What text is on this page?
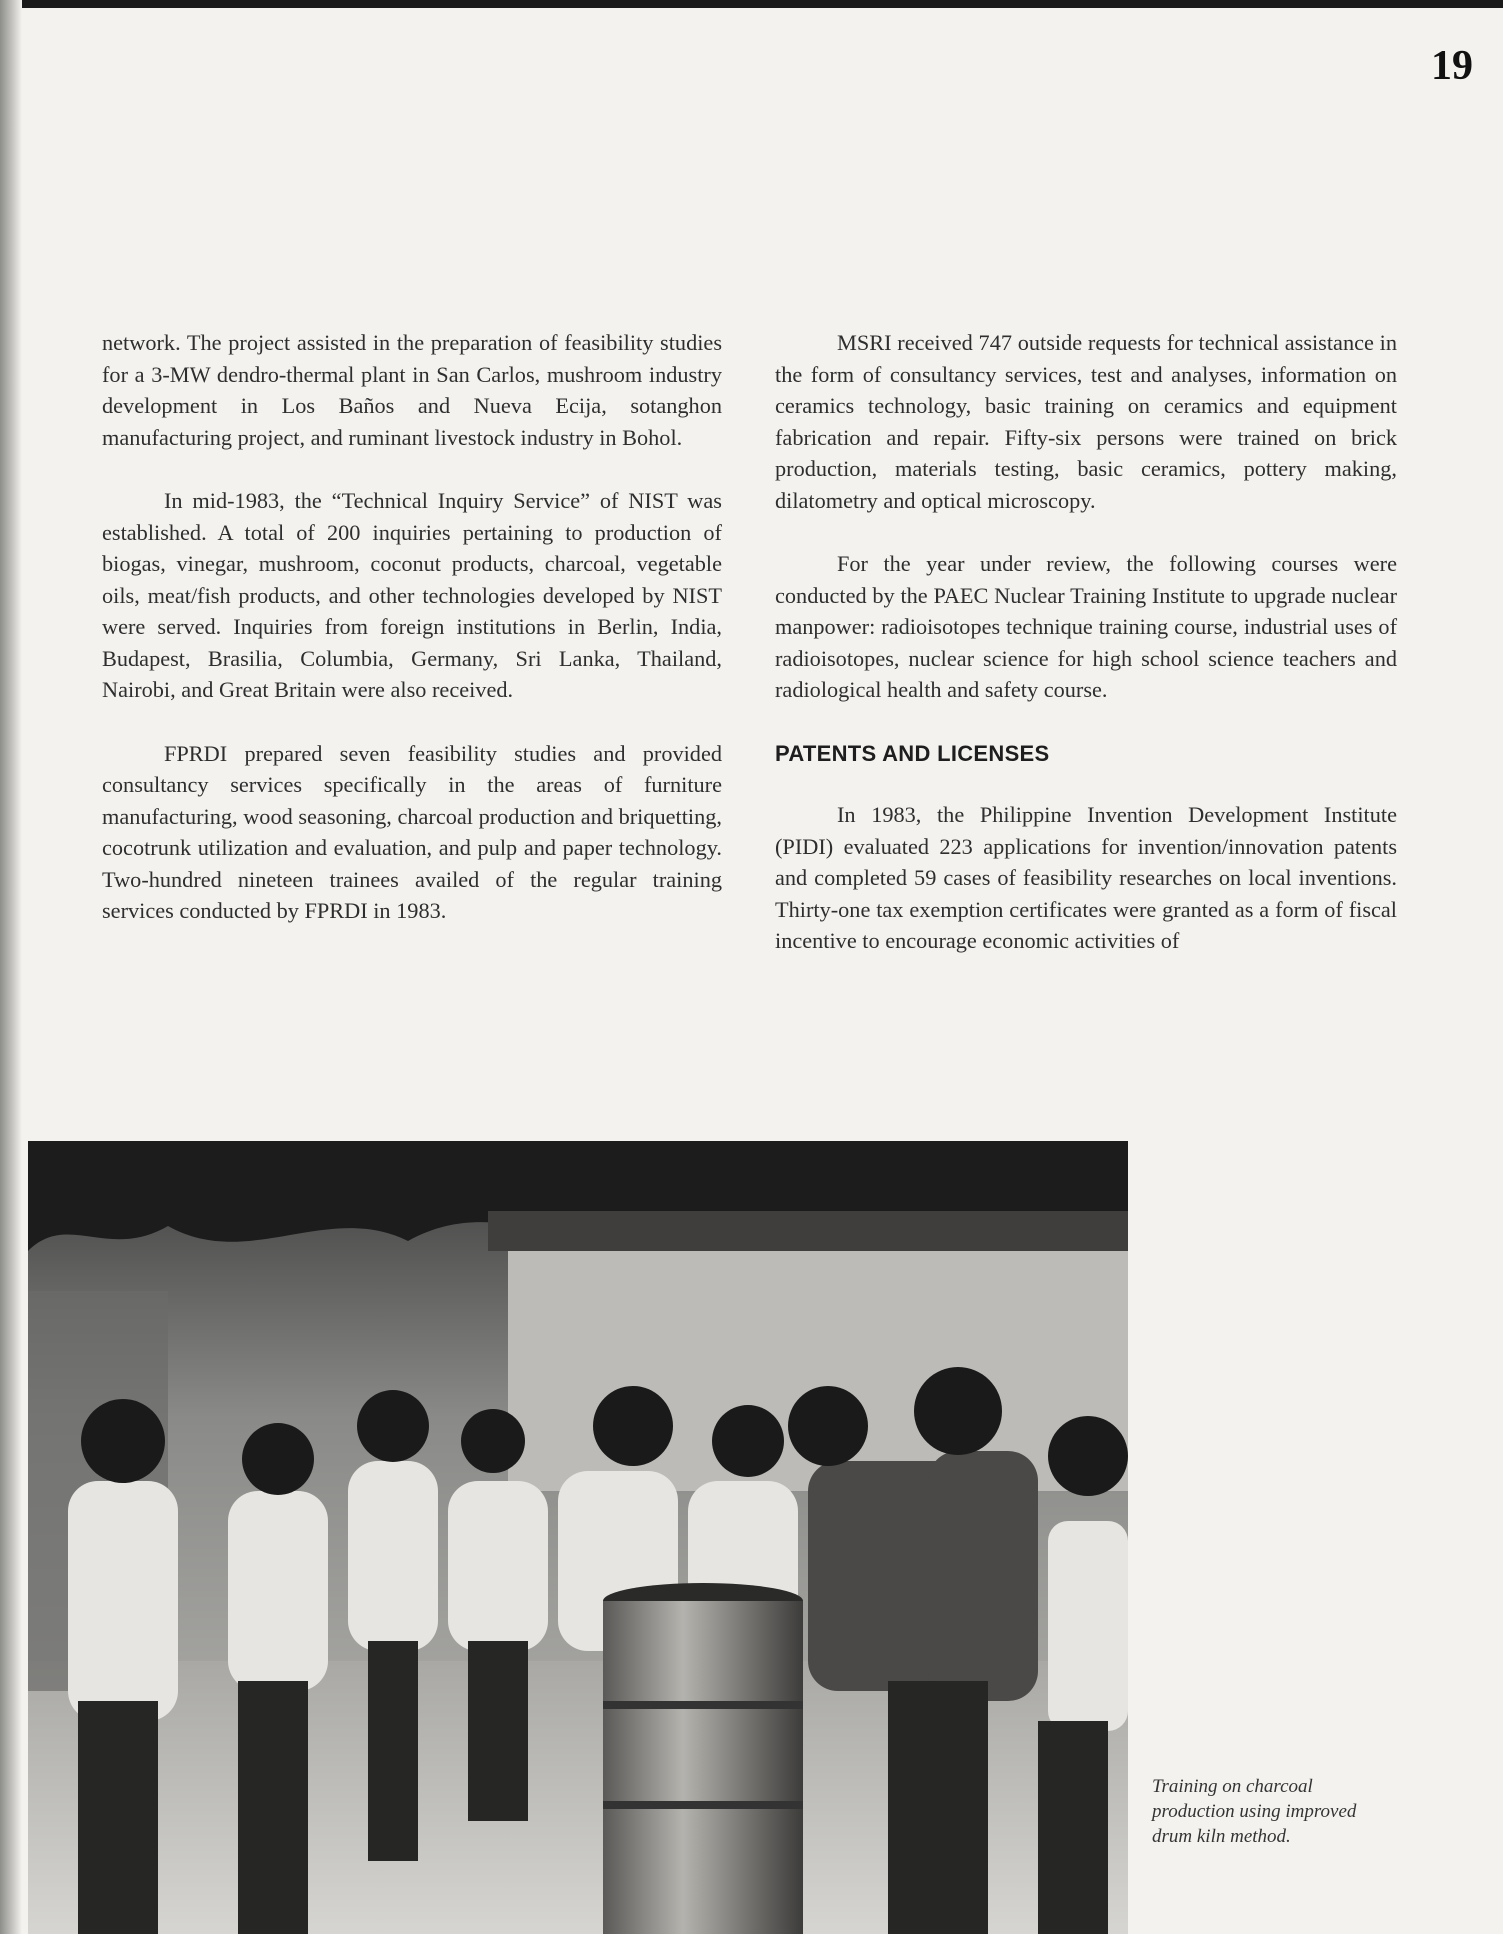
19

network. The project assisted in the preparation of feasibility studies for a 3-MW dendro-thermal plant in San Carlos, mushroom industry development in Los Baños and Nueva Ecija, sotanghon manufacturing project, and ruminant livestock industry in Bohol.

In mid-1983, the “Technical Inquiry Service” of NIST was established. A total of 200 inquiries pertaining to production of biogas, vinegar, mushroom, coconut products, charcoal, vegetable oils, meat/fish products, and other technologies developed by NIST were served. Inquiries from foreign institutions in Berlin, India, Budapest, Brasilia, Columbia, Germany, Sri Lanka, Thailand, Nairobi, and Great Britain were also received.

FPRDI prepared seven feasibility studies and provided consultancy services specifically in the areas of furniture manufacturing, wood seasoning, charcoal production and briquetting, cocotrunk utilization and evaluation, and pulp and paper technology. Two-hundred nineteen trainees availed of the regular training services conducted by FPRDI in 1983.

MSRI received 747 outside requests for technical assistance in the form of consultancy services, test and analyses, information on ceramics technology, basic training on ceramics and equipment fabrication and repair. Fifty-six persons were trained on brick production, materials testing, basic ceramics, pottery making, dilatometry and optical microscopy.

For the year under review, the following courses were conducted by the PAEC Nuclear Training Institute to upgrade nuclear manpower: radioisotopes technique training course, industrial uses of radioisotopes, nuclear science for high school science teachers and radiological health and safety course.

PATENTS AND LICENSES

In 1983, the Philippine Invention Development Institute (PIDI) evaluated 223 applications for invention/innovation patents and completed 59 cases of feasibility researches on local inventions. Thirty-one tax exemption certificates were granted as a form of fiscal incentive to encourage economic activities of

Training on charcoal production using improved drum kiln method.
